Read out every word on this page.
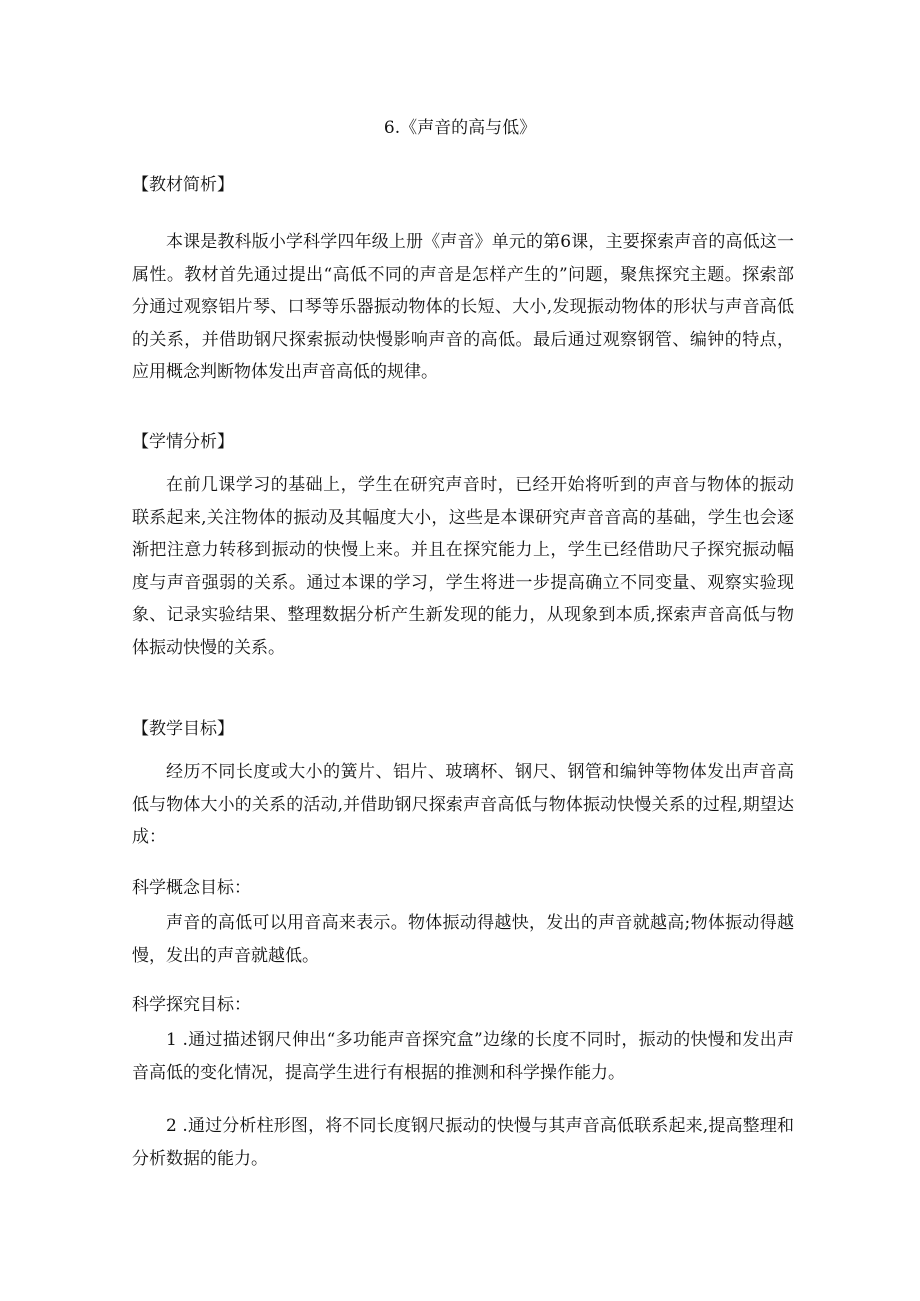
6.《声音的高与低》
【教材简析】

本课是教科版小学科学四年级上册《声音》单元的第6课，主要探索声音的高低这一属性。教材首先通过提出“高低不同的声音是怎样产生的”问题，聚焦探究主题。探索部分通过观察铝片琴、口琴等乐器振动物体的长短、大小,发现振动物体的形状与声音高低的关系，并借助钢尺探索振动快慢影响声音的高低。最后通过观察钢管、编钟的特点，应用概念判断物体发出声音高低的规律。

【学情分析】

在前几课学习的基础上，学生在研究声音时，已经开始将听到的声音与物体的振动联系起来,关注物体的振动及其幅度大小，这些是本课研究声音音高的基础，学生也会逐渐把注意力转移到振动的快慢上来。并且在探究能力上，学生已经借助尺子探究振动幅度与声音强弱的关系。通过本课的学习，学生将进一步提高确立不同变量、观察实验现象、记录实验结果、整理数据分析产生新发现的能力，从现象到本质,探索声音高低与物体振动快慢的关系。

【教学目标】

经历不同长度或大小的簧片、铝片、玻璃杯、钢尺、钢管和编钟等物体发出声音高低与物体大小的关系的活动,并借助钢尺探索声音高低与物体振动快慢关系的过程,期望达成：

科学概念目标：

声音的高低可以用音高来表示。物体振动得越快，发出的声音就越高;物体振动得越慢，发出的声音就越低。

科学探究目标：

1 .通过描述钢尺伸出“多功能声音探究盒”边缘的长度不同时，振动的快慢和发出声音高低的变化情况，提高学生进行有根据的推测和科学操作能力。

2 .通过分析柱形图，将不同长度钢尺振动的快慢与其声音高低联系起来,提高整理和分析数据的能力。
